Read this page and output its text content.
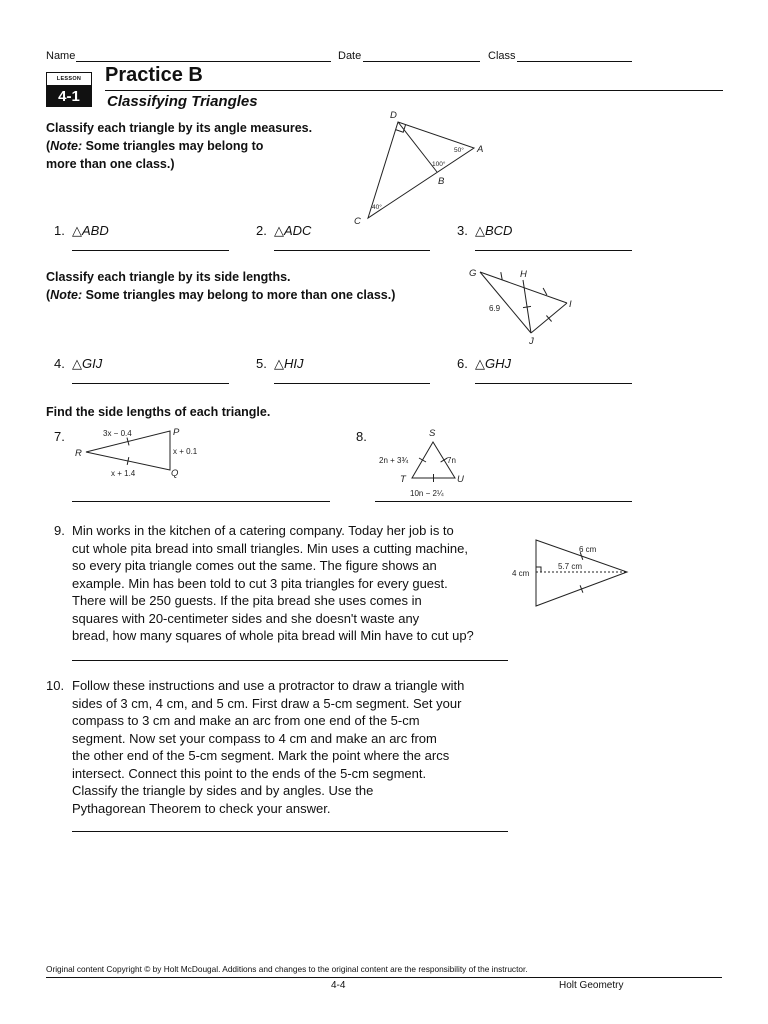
Name	Date	Class
LESSON
4-1
Practice B
Classifying Triangles
Classify each triangle by its angle measures.
(Note: Some triangles may belong to
more than one class.)
D
A
B
C
50°
100°
40°
1. △ABD	2. △ADC	3. △BCD
Classify each triangle by its side lengths.
(Note: Some triangles may belong to more than one class.)
G	H
I
J
6.9
4. △GIJ	5. △HIJ	6. △GHJ
Find the side lengths of each triangle.
7.
R
P
Q
3x − 0.4
x + 0.1
x + 1.4
8.	S
T	U
2n + 3¾	7n
10n − 2¼
9. Min works in the kitchen of a catering company. Today her job is to
cut whole pita bread into small triangles. Min uses a cutting machine,
so every pita triangle comes out the same. The figure shows an
example. Min has been told to cut 3 pita triangles for every guest.
There will be 250 guests. If the pita bread she uses comes in
squares with 20-centimeter sides and she doesn't waste any
bread, how many squares of whole pita bread will Min have to cut up?
6 cm
5.7 cm
4 cm
10. Follow these instructions and use a protractor to draw a triangle with
sides of 3 cm, 4 cm, and 5 cm. First draw a 5-cm segment. Set your
compass to 3 cm and make an arc from one end of the 5-cm
segment. Now set your compass to 4 cm and make an arc from
the other end of the 5-cm segment. Mark the point where the arcs
intersect. Connect this point to the ends of the 5-cm segment.
Classify the triangle by sides and by angles. Use the
Pythagorean Theorem to check your answer.
Original content Copyright © by Holt McDougal. Additions and changes to the original content are the responsibility of the instructor.
4-4	Holt Geometry
